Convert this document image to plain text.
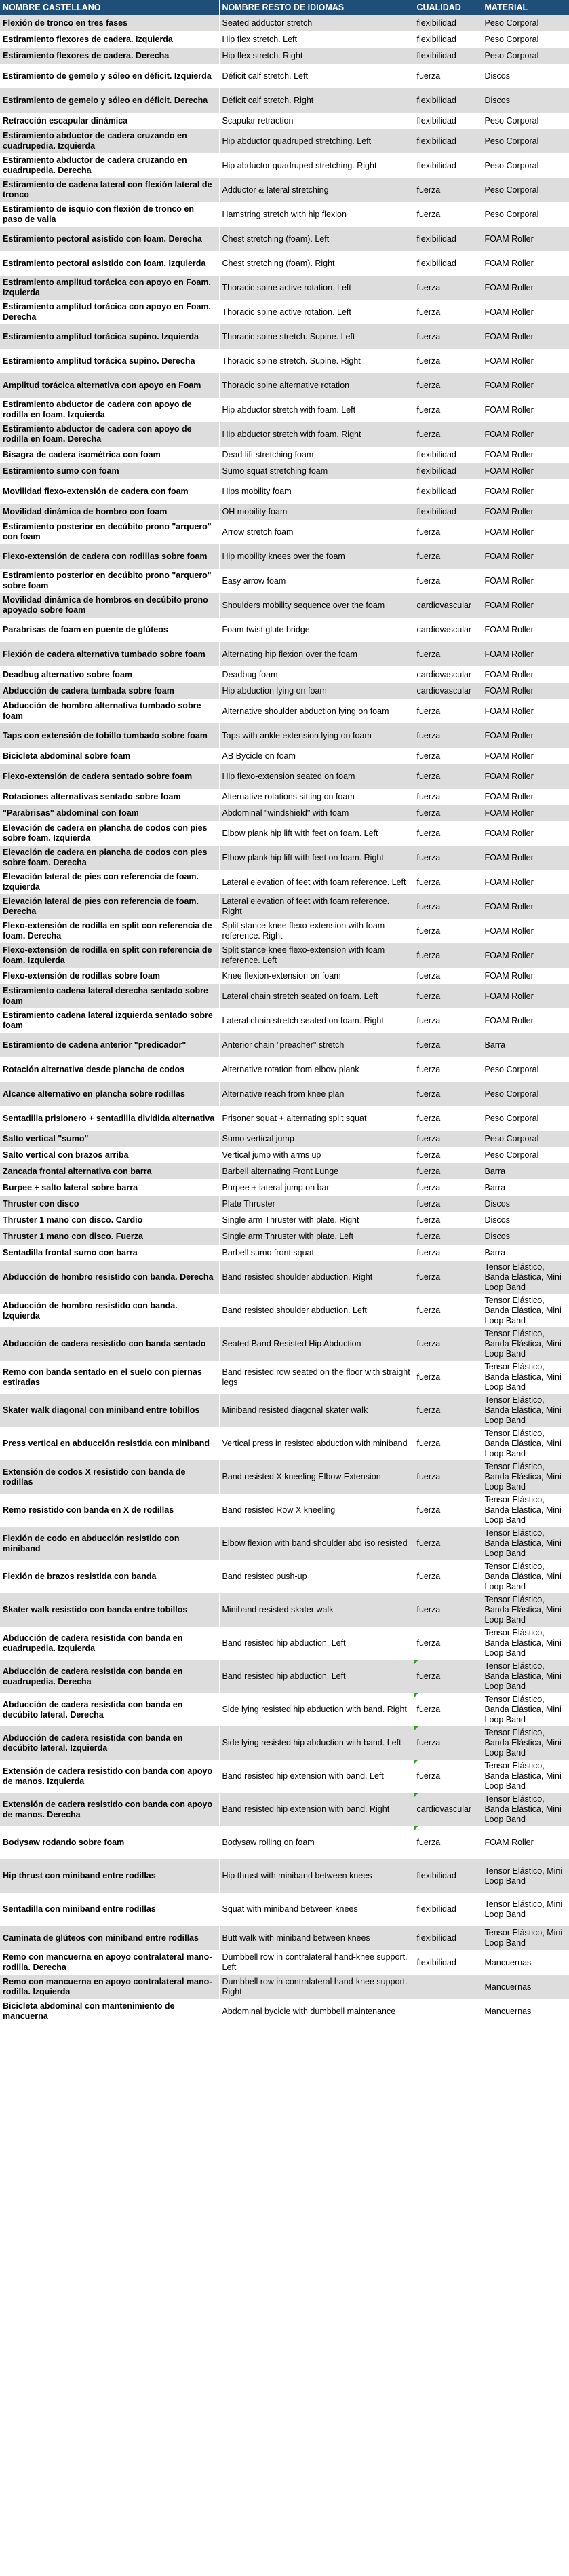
NOMBRE CASTELLANO	NOMBRE RESTO DE IDIOMAS	CUALIDAD	MATERIAL
Flexión de tronco en tres fases	Seated adductor stretch	flexibilidad	Peso Corporal
Estiramiento flexores de cadera. Izquierda	Hip flex stretch. Left	flexibilidad	Peso Corporal
Estiramiento flexores de cadera. Derecha	Hip flex stretch. Right	flexibilidad	Peso Corporal
Estiramiento de gemelo y sóleo en déficit. Izquierda	Déficit calf stretch. Left	fuerza	Discos
Estiramiento de gemelo y sóleo en déficit. Derecha	Déficit calf stretch. Right	flexibilidad	Discos
Retracción escapular dinámica	Scapular retraction	flexibilidad	Peso Corporal
Estiramiento abductor de cadera cruzando en cuadrupedia. Izquierda	Hip abductor quadruped stretching. Left	flexibilidad	Peso Corporal
Estiramiento abductor de cadera cruzando en cuadrupedia. Derecha	Hip abductor quadruped stretching. Right	flexibilidad	Peso Corporal
Estiramiento de cadena lateral con flexión lateral de tronco	Adductor & lateral stretching	fuerza	Peso Corporal
Estiramiento de isquio con flexión de tronco en paso de valla	Hamstring stretch with hip flexion	fuerza	Peso Corporal
Estiramiento pectoral asistido con foam. Derecha	Chest stretching (foam). Left	flexibilidad	FOAM Roller
Estiramiento pectoral asistido con foam. Izquierda	Chest stretching (foam). Right	flexibilidad	FOAM Roller
Estiramiento amplitud torácica con apoyo en Foam. Izquierda	Thoracic spine active rotation. Left	fuerza	FOAM Roller
Estiramiento amplitud torácica con apoyo en Foam. Derecha	Thoracic spine active rotation. Left	fuerza	FOAM Roller
Estiramiento amplitud torácica supino. Izquierda	Thoracic spine stretch. Supine. Left	fuerza	FOAM Roller
Estiramiento amplitud torácica supino. Derecha	Thoracic spine stretch. Supine. Right	fuerza	FOAM Roller
Amplitud torácica alternativa con apoyo en Foam	Thoracic spine alternative rotation	fuerza	FOAM Roller
Estiramiento abductor de cadera con apoyo de rodilla en foam. Izquierda	Hip abductor stretch with foam. Left	fuerza	FOAM Roller
Estiramiento abductor de cadera con apoyo de rodilla en foam. Derecha	Hip abductor stretch with foam. Right	fuerza	FOAM Roller
Bisagra de cadera isométrica con foam	Dead lift stretching foam	flexibilidad	FOAM Roller
Estiramiento sumo con foam	Sumo squat stretching foam	flexibilidad	FOAM Roller
Movilidad flexo-extensión de cadera con foam	Hips mobility foam	flexibilidad	FOAM Roller
Movilidad dinámica de hombro con foam	OH mobility foam	flexibilidad	FOAM Roller
Estiramiento posterior en decúbito prono "arquero" con foam	Arrow stretch foam	fuerza	FOAM Roller
Flexo-extensión de cadera con rodillas sobre foam	Hip mobility knees over the foam	fuerza	FOAM Roller
Estiramiento posterior en decúbito prono "arquero" sobre foam	Easy arrow foam	fuerza	FOAM Roller
Movilidad dinámica de hombros en decúbito prono apoyado sobre foam	Shoulders mobility sequence over the foam	cardiovascular	FOAM Roller
Parabrisas de foam en puente de glúteos	Foam twist glute bridge	cardiovascular	FOAM Roller
Flexión de cadera alternativa tumbado sobre foam	Alternating hip flexion over the foam	fuerza	FOAM Roller
Deadbug alternativo sobre foam	Deadbug foam	cardiovascular	FOAM Roller
Abducción de cadera tumbada sobre foam	Hip abduction lying on foam	cardiovascular	FOAM Roller
Abducción de hombro alternativa tumbado sobre foam	Alternative shoulder abduction lying on foam	fuerza	FOAM Roller
Taps con extensión de tobillo tumbado sobre foam	Taps with ankle extension lying on foam	fuerza	FOAM Roller
Bicicleta abdominal sobre foam	AB Bycicle on foam	fuerza	FOAM Roller
Flexo-extensión de cadera sentado sobre foam	Hip flexo-extension seated on foam	fuerza	FOAM Roller
Rotaciones alternativas sentado sobre foam	Alternative rotations sitting on foam	fuerza	FOAM Roller
"Parabrisas" abdominal con foam	Abdominal "windshield" with foam	fuerza	FOAM Roller
Elevación de cadera en plancha de codos con pies sobre foam. Izquierda	Elbow plank hip lift with feet on foam. Left	fuerza	FOAM Roller
Elevación de cadera en plancha de codos con pies sobre foam. Derecha	Elbow plank hip lift with feet on foam. Right	fuerza	FOAM Roller
Elevación lateral de pies con referencia de foam. Izquierda	Lateral elevation of feet with foam reference. Left	fuerza	FOAM Roller
Elevación lateral de pies con referencia de foam. Derecha	Lateral elevation of feet with foam reference. Right	fuerza	FOAM Roller
Flexo-extensión de rodilla en split con referencia de foam. Derecha	Split stance knee flexo-extension with foam reference. Right	fuerza	FOAM Roller
Flexo-extensión de rodilla en split con referencia de foam. Izquierda	Split stance knee flexo-extension with foam reference. Left	fuerza	FOAM Roller
Flexo-extensión de rodillas sobre foam	Knee flexion-extension on foam	fuerza	FOAM Roller
Estiramiento cadena lateral derecha sentado sobre foam	Lateral chain stretch seated on foam. Left	fuerza	FOAM Roller
Estiramiento cadena lateral izquierda sentado sobre foam	Lateral chain stretch seated on foam. Right	fuerza	FOAM Roller
Estiramiento de cadena anterior "predicador"	Anterior chain "preacher" stretch	fuerza	Barra
Rotación alternativa desde plancha de codos	Alternative rotation from elbow plank	fuerza	Peso Corporal
Alcance alternativo en plancha sobre rodillas	Alternative reach from knee plan	fuerza	Peso Corporal
Sentadilla prisionero + sentadilla dividida alternativa	Prisoner squat + alternating split squat	fuerza	Peso Corporal
Salto vertical "sumo"	Sumo vertical jump	fuerza	Peso Corporal
Salto vertical con brazos arriba	Vertical jump with arms up	fuerza	Peso Corporal
Zancada frontal alternativa con barra	Barbell alternating Front Lunge	fuerza	Barra
Burpee + salto lateral sobre barra	Burpee + lateral jump on bar	fuerza	Barra
Thruster con disco	Plate Thruster	fuerza	Discos
Thruster 1 mano con disco. Cardio	Single arm Thruster with plate. Right	fuerza	Discos
Thruster 1 mano con disco. Fuerza	Single arm Thruster with plate. Left	fuerza	Discos
Sentadilla frontal sumo con barra	Barbell sumo front squat	fuerza	Barra
Abducción de hombro resistido con banda. Derecha	Band resisted shoulder abduction. Right	fuerza	Tensor Elástico, Banda Elástica, Mini Loop Band
Abducción de hombro resistido con banda. Izquierda	Band resisted shoulder abduction. Left	fuerza	Tensor Elástico, Banda Elástica, Mini Loop Band
Abducción de cadera resistido con banda sentado	Seated Band Resisted Hip Abduction	fuerza	Tensor Elástico, Banda Elástica, Mini Loop Band
Remo con banda sentado en el suelo con piernas estiradas	Band resisted row seated on the floor with straight legs	fuerza	Tensor Elástico, Banda Elástica, Mini Loop Band
Skater walk diagonal con miniband entre tobillos	Miniband resisted diagonal skater walk	fuerza	Tensor Elástico, Banda Elástica, Mini Loop Band
Press vertical en abducción resistida con miniband	Vertical press in resisted abduction with miniband	fuerza	Tensor Elástico, Banda Elástica, Mini Loop Band
Extensión de codos X resistido con banda de rodillas	Band resisted X kneeling Elbow Extension	fuerza	Tensor Elástico, Banda Elástica, Mini Loop Band
Remo resistido con banda en X de rodillas	Band resisted Row X kneeling	fuerza	Tensor Elástico, Banda Elástica, Mini Loop Band
Flexión de codo en abducción resistido con miniband	Elbow flexion with band shoulder abd iso resisted	fuerza	Tensor Elástico, Banda Elástica, Mini Loop Band
Flexión de brazos resistida con banda	Band resisted push-up	fuerza	Tensor Elástico, Banda Elástica, Mini Loop Band
Skater walk resistido con banda entre tobillos	Miniband resisted skater walk	fuerza	Tensor Elástico, Banda Elástica, Mini Loop Band
Abducción de cadera resistida con banda en cuadrupedia. Izquierda	Band resisted hip abduction. Left	fuerza	Tensor Elástico, Banda Elástica, Mini Loop Band
Abducción de cadera resistida con banda en cuadrupedia. Derecha	Band resisted hip abduction. Left	fuerza	Tensor Elástico, Banda Elástica, Mini Loop Band
Abducción de cadera resistida con banda en decúbito lateral. Derecha	Side lying resisted hip abduction with band. Right	fuerza	Tensor Elástico, Banda Elástica, Mini Loop Band
Abducción de cadera resistida con banda en decúbito lateral. Izquierda	Side lying resisted hip abduction with band. Left	fuerza	Tensor Elástico, Banda Elástica, Mini Loop Band
Extensión de cadera resistido con banda con apoyo de manos. Izquierda	Band resisted hip extension with band. Left	fuerza	Tensor Elástico, Banda Elástica, Mini Loop Band
Extensión de cadera resistido con banda con apoyo de manos. Derecha	Band resisted hip extension with band. Right	cardiovascular	Tensor Elástico, Banda Elástica, Mini Loop Band
Bodysaw rodando sobre foam	Bodysaw rolling on foam	fuerza	FOAM Roller
Hip thrust con miniband entre rodillas	Hip thrust with miniband between knees	flexibilidad	Tensor Elástico, Mini Loop Band
Sentadilla con miniband entre rodillas	Squat with miniband between knees	flexibilidad	Tensor Elástico, Mini Loop Band
Caminata de glúteos con miniband entre rodillas	Butt walk with miniband between knees	flexibilidad	Tensor Elástico, Mini Loop Band
Remo con mancuerna en apoyo contralateral mano-rodilla. Derecha	Dumbbell row in contralateral hand-knee support. Left	flexibilidad	Mancuernas
Remo con mancuerna en apoyo contralateral mano-rodilla. Izquierda	Dumbbell row in contralateral hand-knee support. Right		Mancuernas
Bicicleta abdominal con mantenimiento de mancuerna	Abdominal bycicle with dumbbell maintenance		Mancuernas
